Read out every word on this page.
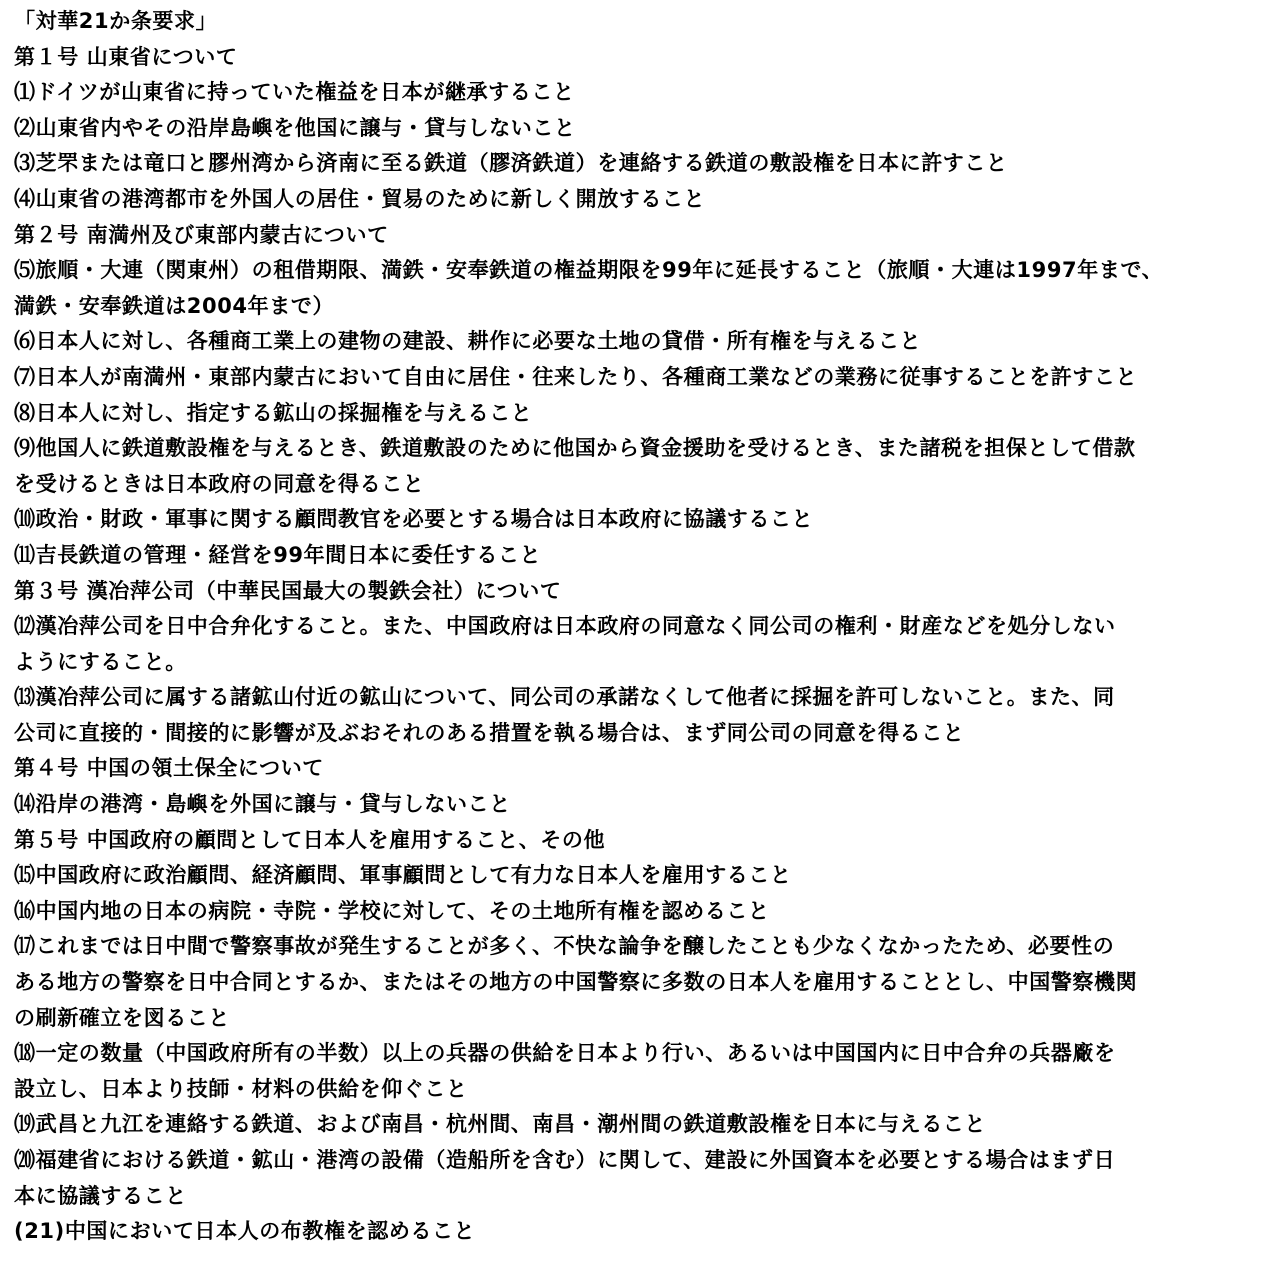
「対華21か条要求」
第１号 山東省について
⑴ドイツが山東省に持っていた権益を日本が継承すること
⑵山東省内やその沿岸島嶼を他国に譲与・貸与しないこと
⑶芝罘または竜口と膠州湾から済南に至る鉄道（膠済鉄道）を連絡する鉄道の敷設権を日本に許すこと
⑷山東省の港湾都市を外国人の居住・貿易のために新しく開放すること
第２号 南満州及び東部内蒙古について
⑸旅順・大連（関東州）の租借期限、満鉄・安奉鉄道の権益期限を99年に延長すること（旅順・大連は1997年まで、
満鉄・安奉鉄道は2004年まで）
⑹日本人に対し、各種商工業上の建物の建設、耕作に必要な土地の貸借・所有権を与えること
⑺日本人が南満州・東部内蒙古において自由に居住・往来したり、各種商工業などの業務に従事することを許すこと
⑻日本人に対し、指定する鉱山の採掘権を与えること
⑼他国人に鉄道敷設権を与えるとき、鉄道敷設のために他国から資金援助を受けるとき、また諸税を担保として借款
を受けるときは日本政府の同意を得ること
⑽政治・財政・軍事に関する顧問教官を必要とする場合は日本政府に協議すること
⑾吉長鉄道の管理・経営を99年間日本に委任すること
第３号 漢冶萍公司（中華民国最大の製鉄会社）について
⑿漢冶萍公司を日中合弁化すること。また、中国政府は日本政府の同意なく同公司の権利・財産などを処分しない
ようにすること。
⒀漢冶萍公司に属する諸鉱山付近の鉱山について、同公司の承諾なくして他者に採掘を許可しないこと。また、同
公司に直接的・間接的に影響が及ぶおそれのある措置を執る場合は、まず同公司の同意を得ること
第４号 中国の領土保全について
⒁沿岸の港湾・島嶼を外国に譲与・貸与しないこと
第５号 中国政府の顧問として日本人を雇用すること、その他
⒂中国政府に政治顧問、経済顧問、軍事顧問として有力な日本人を雇用すること
⒃中国内地の日本の病院・寺院・学校に対して、その土地所有権を認めること
⒄これまでは日中間で警察事故が発生することが多く、不快な論争を醸したことも少なくなかったため、必要性の
ある地方の警察を日中合同とするか、またはその地方の中国警察に多数の日本人を雇用することとし、中国警察機関
の刷新確立を図ること
⒅一定の数量（中国政府所有の半数）以上の兵器の供給を日本より行い、あるいは中国国内に日中合弁の兵器廠を
設立し、日本より技師・材料の供給を仰ぐこと
⒆武昌と九江を連絡する鉄道、および南昌・杭州間、南昌・潮州間の鉄道敷設権を日本に与えること
⒇福建省における鉄道・鉱山・港湾の設備（造船所を含む）に関して、建設に外国資本を必要とする場合はまず日
本に協議すること
(21)中国において日本人の布教権を認めること
